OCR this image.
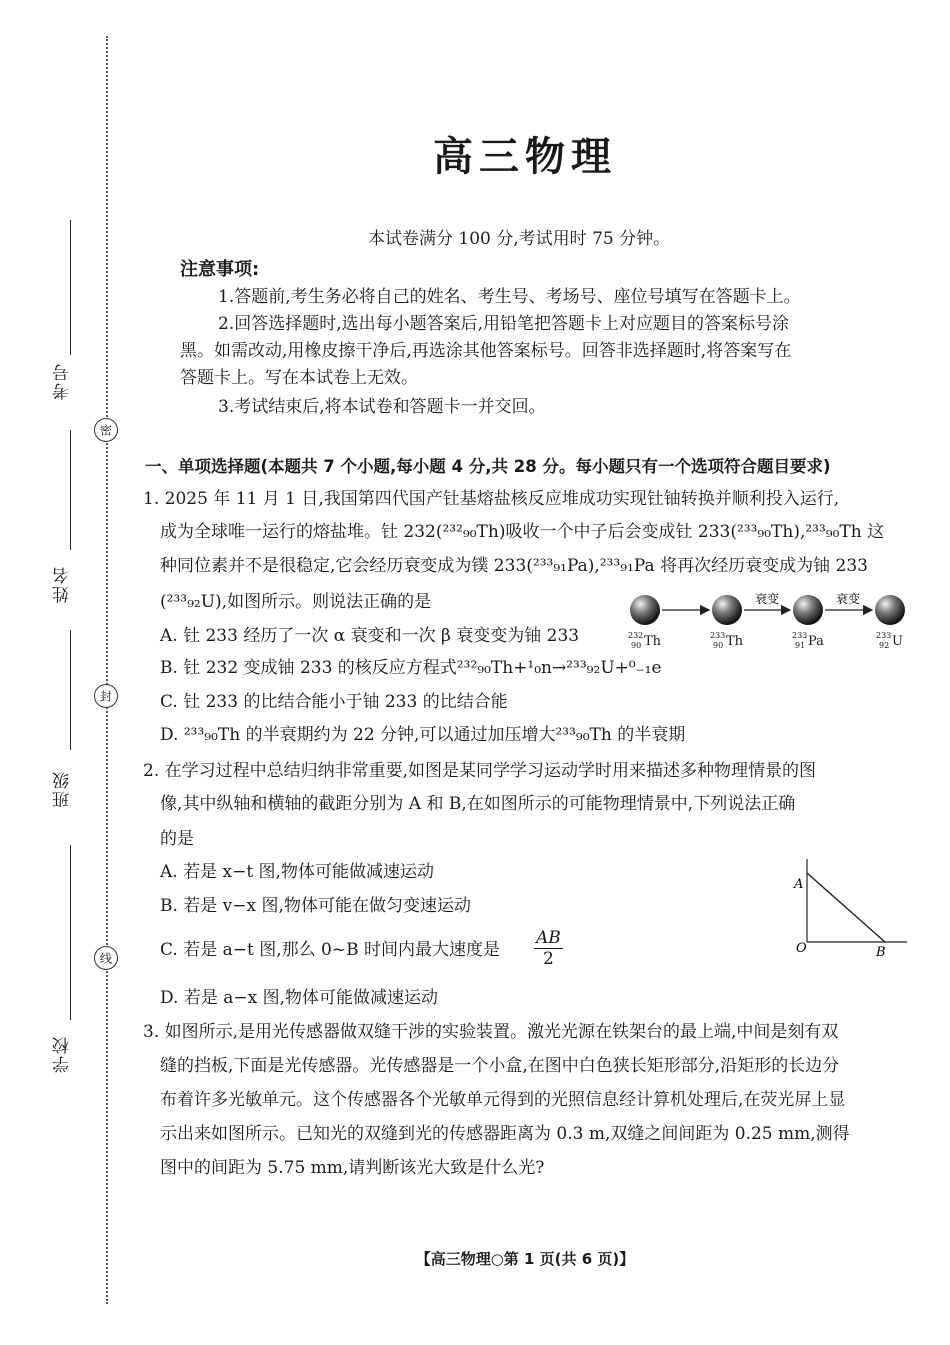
考号
姓名
班级
学校
密
封
线
高三物理
本试卷满分 100 分,考试用时 75 分钟。
注意事项:
1.答题前,考生务必将自己的姓名、考生号、考场号、座位号填写在答题卡上。
2.回答选择题时,选出每小题答案后,用铅笔把答题卡上对应题目的答案标号涂
黑。如需改动,用橡皮擦干净后,再选涂其他答案标号。回答非选择题时,将答案写在
答题卡上。写在本试卷上无效。
3.考试结束后,将本试卷和答题卡一并交回。
一、单项选择题(本题共 7 个小题,每小题 4 分,共 28 分。每小题只有一个选项符合题目要求)
1. 2025 年 11 月 1 日,我国第四代国产钍基熔盐核反应堆成功实现钍铀转换并顺利投入运行,
成为全球唯一运行的熔盐堆。钍 232(²³²₉₀Th)吸收一个中子后会变成钍 233(²³³₉₀Th),²³³₉₀Th 这
种同位素并不是很稳定,它会经历衰变成为镤 233(²³³₉₁Pa),²³³₉₁Pa 将再次经历衰变成为铀 233
(²³³₉₂U),如图所示。则说法正确的是
A. 钍 233 经历了一次 α 衰变和一次 β 衰变变为铀 233
B. 钍 232 变成铀 233 的核反应方程式²³²₉₀Th+¹₀n→²³³₉₂U+⁰₋₁e
C. 钍 233 的比结合能小于铀 233 的比结合能
D. ²³³₉₀Th 的半衰期约为 22 分钟,可以通过加压增大²³³₉₀Th 的半衰期
衰变	衰变
232
90 Th	233
90 Th	233
91 Pa	233
92 U
2. 在学习过程中总结归纳非常重要,如图是某同学学习运动学时用来描述多种物理情景的图
像,其中纵轴和横轴的截距分别为 A 和 B,在如图所示的可能物理情景中,下列说法正确
的是
A. 若是 x−t 图,物体可能做减速运动
B. 若是 v−x 图,物体可能在做匀变速运动
C. 若是 a−t 图,那么 0~B 时间内最大速度是 $\frac{AB}{2}$
D. 若是 a−x 图,物体可能做减速运动
A
O	B
3. 如图所示,是用光传感器做双缝干涉的实验装置。激光光源在铁架台的最上端,中间是刻有双
缝的挡板,下面是光传感器。光传感器是一个小盒,在图中白色狭长矩形部分,沿矩形的长边分
布着许多光敏单元。这个传感器各个光敏单元得到的光照信息经计算机处理后,在荧光屏上显
示出来如图所示。已知光的双缝到光的传感器距离为 0.3 m,双缝之间间距为 0.25 mm,测得
图中的间距为 5.75 mm,请判断该光大致是什么光?
【高三物理○第 1 页(共 6 页)】
